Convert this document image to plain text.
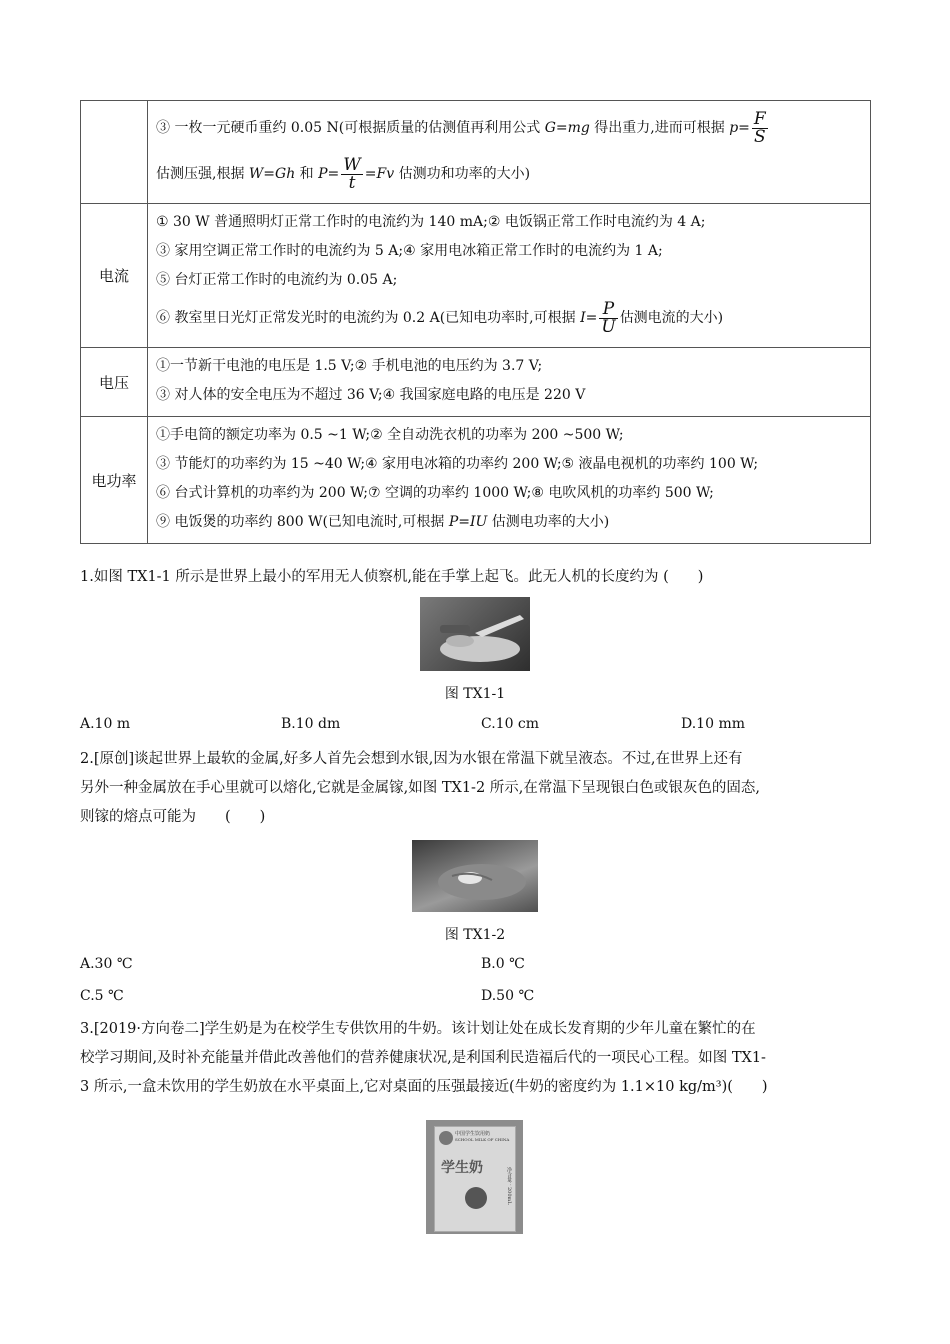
③ 一枚一元硬币重约 0.05 N(可根据质量的估测值再利用公式 G=mg 得出重力,进而可根据 $p= \frac{F}{S}$
估测压强,根据 W=Gh 和 $P= \frac{W}{t} =Fv$ 估测功和功率的大小)
电流
① 30 W 普通照明灯正常工作时的电流约为 140 mA;② 电饭锅正常工作时电流约为 4 A;
③ 家用空调正常工作时的电流约为 5 A;④ 家用电冰箱正常工作时的电流约为 1 A;
⑤ 台灯正常工作时的电流约为 0.05 A;
⑥ 教室里日光灯正常发光时的电流约为 0.2 A(已知电功率时,可根据 $I= \frac{P}{U}$ 估测电流的大小)
电压
①一节新干电池的电压是 1.5 V;② 手机电池的电压约为 3.7 V;
③ 对人体的安全电压为不超过 36 V;④ 我国家庭电路的电压是 220 V
电功率
①手电筒的额定功率为 0.5 ~1 W;② 全自动洗衣机的功率为 200 ~500 W;
③ 节能灯的功率约为 15 ~40 W;④ 家用电冰箱的功率约 200 W;⑤ 液晶电视机的功率约 100 W;
⑥ 台式计算机的功率约为 200 W;⑦ 空调的功率约 1000 W;⑧ 电吹风机的功率约 500 W;
⑨ 电饭煲的功率约 800 W(已知电流时,可根据 P=IU 估测电功率的大小)
1.如图 TX1-1 所示是世界上最小的军用无人侦察机,能在手掌上起飞。此无人机的长度约为 (　　)
图 TX1-1
A.10 m	B.10 dm	C.10 cm	D.10 mm
2.[原创]谈起世界上最软的金属,好多人首先会想到水银,因为水银在常温下就呈液态。不过,在世界上还有
另外一种金属放在手心里就可以熔化,它就是金属镓,如图 TX1-2 所示,在常温下呈现银白色或银灰色的固态,
则镓的熔点可能为　　(　　)
图 TX1-2
A.30 ℃	B.0 ℃
C.5 ℃	D.50 ℃
3.[2019·方向卷二]学生奶是为在校学生专供饮用的牛奶。该计划让处在成长发育期的少年儿童在繁忙的在
校学习期间,及时补充能量并借此改善他们的营养健康状况,是利国利民造福后代的一项民心工程。如图 TX1-
3 所示,一盒未饮用的学生奶放在水平桌面上,它对桌面的压强最接近(牛奶的密度约为 1.1×10 kg/m³)(　　)
中国学生饮用奶
SCHOOL MILK OF CHINA
学生奶	净含量：200mL
